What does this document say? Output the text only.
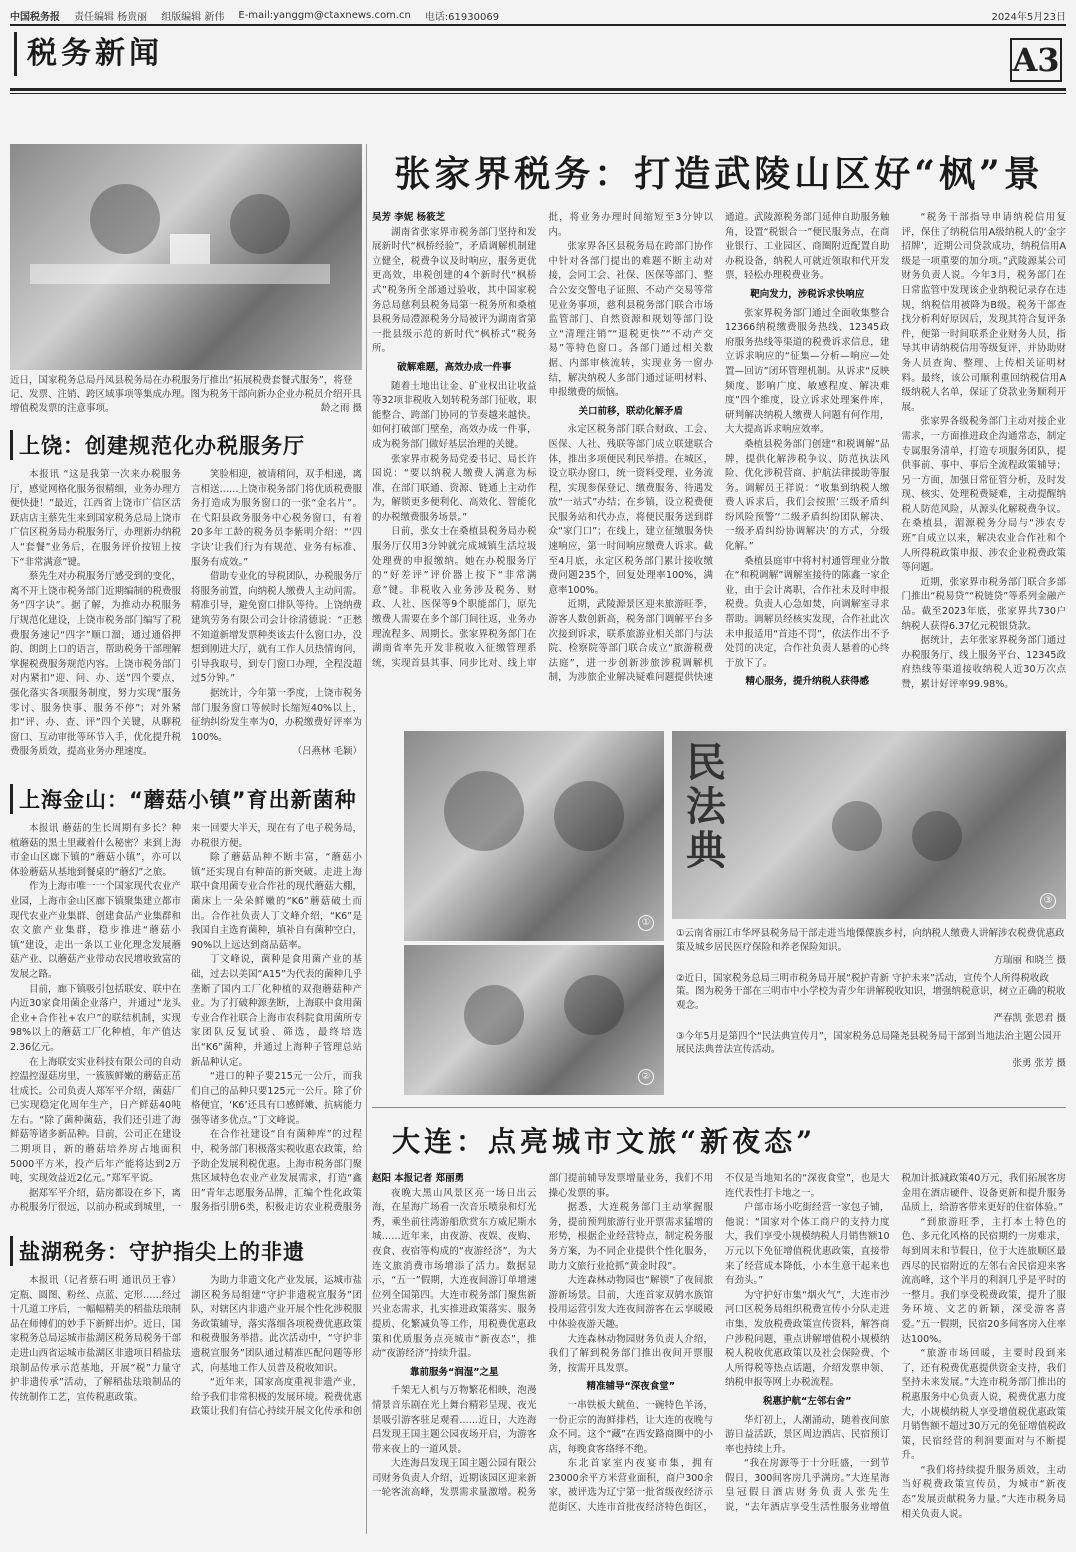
中国税务报 责任编辑 杨贵丽 组版编辑 新伟 E-mail:yanggm@ctaxnews.com.cn 电话:61930069	2024年5月23日
税务新闻	A3
近日，国家税务总局丹凤县税务局在办税服务厅推出“拓展税费套餐式服务”，将登记、发票、注销、跨区域事项等集成办理。图为税务干部向新办企业办税员介绍开具增值税发票的注意事项。	龄之雨 摄
上饶：创建规范化办税服务厅

本报讯 “这是我第一次来办税服务厅，感觉网格化服务很精细，业务办理方便快捷！”最近，江西省上饶市广信区活跃店店主蔡先生来到国家税务总局上饶市广信区税务局办税服务厅，办理新办纳税人“套餐”业务后，在服务评价按钮上按下“非常满意”键。

蔡先生对办税服务厅感受到的变化，离不开上饶市税务部门近期编制的税费服务“四字诀”。据了解，为推动办税服务厅规范化建设，上饶市税务部门编写了税费服务速记“四字”顺口溜，通过通俗押韵、朗朗上口的语言，帮助税务干部理解掌握税费服务规范内容。上饶市税务部门对内紧扣“迎、问、办、送”四个要点，强化落实各项服务制度，努力实现“服务零讨、服务快事、服务不停”；对外紧扣“评、办、查、评”四个关键，从聊税窗口、互动审批等环节入手，优化提升税费服务质效，提高业务办理速度。

笑脸相迎，被请稍问，双手相递，离言相送……上饶市税务部门将优质税费服务打造成为服务窗口的一张“金名片”。在弋阳县政务服务中心税务窗口，有着20多年工龄的税务员李紫明介绍：“‘四字诀’让我们行为有规范、业务有标准、服务有成效。”

借助专业化的导税团队，办税服务厅将服务前置，向纳税人缴费人主动问需。精准引导，避免窗口排队等待。上饶纳费建筑劳务有限公司会计徐清德说：“正愁不知道新增发票种类该去什么窗口办，没想到刚进大厅，就有工作人员热情询问，引导我取号，到专门窗口办理，全程没超过5分钟。”

据统计，今年第一季度，上饶市税务部门服务窗口等候时长缩短40%以上，征纳纠纷发生率为0，办税缴费好评率为100%。

（吕燕林 毛颖）

上海金山：“蘑菇小镇”育出新菌种

本报讯 蘑菇的生长周期有多长？种植蘑菇的黑土里藏着什么秘密？来到上海市金山区廊下镇的“蘑菇小镇”，亦可以体验蘑菇从基地到餐桌的“蘑幻”之旅。

作为上海市唯一一个国家现代农业产业园，上海市金山区廊下镇聚集建立都市现代农业产业集群、创建食品产业集群和农文旅产业集群，稳步推进“蘑菇小镇”建设，走出一条以工业化理念发展蘑菇产业、以蘑菇产业带动农民增收致富的发展之路。

目前，廊下镇吸引包括联安、联中在内近30家食用菌企业落户，并通过“龙头企业+合作社+农户”的联结机制，实现98%以上的蘑菇工厂化种植，年产值达2.36亿元。

在上海联安实业科技有限公司的自动控温控湿菇房里，一簇簇鲜嫩的蘑菇正茁壮成长。公司负责人郑军平介绍，菌菇厂已实现稳定化周年生产，日产鲜菇40吨左右。“除了菌种菌菇，我们还引进了海鲜菇等诸多新品种。目前，公司正在建设二期项目，新的蘑菇培养房占地面积5000平方米，投产后年产能将达到2万吨，实现效益近2亿元。”郑军平说。

据郑军平介绍，菇房都设在乡下，离办税服务厅很远，以前办税或到城里，一来一回要大半天，现在有了电子税务局，办税很方便。

除了蘑菇品种不断丰富，“蘑菇小镇”还实现自有种苗的新突破。走进上海联中食用菌专业合作社的现代蘑菇大棚，菌床上一朵朵鲜嫩的“K6”蘑菇破土而出。合作社负责人丁文峰介绍，“K6”是我国自主选育菌种，填补自有菌种空白，90%以上远达到商品菇率。

丁文峰说，菌种是食用菌产业的基础，过去以美国“A15”为代表的菌种几乎垄断了国内工厂化种植的双孢蘑菇种产业。为了打破种源垄断，上海联中食用菌专业合作社联合上海市农科院食用菌所专家团队反复试验、筛选，最终培选出“K6”菌种，并通过上海种子管理总站新品种认定。

“进口的种子要215元一公斤，而我们自己的品种只要125元一公斤。除了价格便宜，‘K6’还具有口感鲜嫩、抗病能力强等诸多优点。”丁文峰说。

在合作社建设“自有菌种库”的过程中，税务部门积极落实税收惠农政策，给予助企发展利税优惠。上海市税务部门聚焦区域特色农业产业发展需求，打造“鑫田”青年志愿服务品牌，汇编个性化政策服务指引册6类，积极走访农业税费服务

盐湖税务：守护指尖上的非遗

本报讯（记者蔡石明 通讯员王睿）定瓶、圆图、粉丝、点蓝、定形……经过十几道工序后，一幅幅精美的稻盐珐琅制品在师傅们的妙手下新鲜出炉。近日，国家税务总局运城市盐湖区税务局税务干部走进山西省运城市盐湖区非遗项目稻盐珐琅制品传承示范基地，开展“税”力量守护非遗传承”活动，了解稻盐珐琅制品的传统制作工艺，宣传税惠政策。

为助力非遗文化产业发展，运城市盐湖区税务局组建“守护非遗税宣服务”团队，对辖区内非遗产业开展个性化涉税服务政策辅导，落实落细各项税费优惠政策和税费服务举措。此次活动中，“守护非遗税宣服务”团队通过精准匹配问题等形式，向基地工作人员普及税收知识。

“近年来，国家高度重视非遗产业，给予我们非常积极的发展环境。税费优惠政策让我们有信心持续开展文化传承和创

张家界税务：打造武陵山区好“枫”景

吴芳 李妮 杨筱芝

湖南省张家界市税务部门坚持和发展新时代“枫桥经验”，矛盾调解机制建立健全，税费争议及时响应，服务更优更高效，串税创建的4个新时代“枫桥式”税务所全部通过验收，其中国家税务总局慈利县税务局第一税务所和桑植县税务局澧源税务分局被评为湖南省第一批县级示范的新时代“枫桥式”税务所。

破解难题，高效办成一件事

随着土地出让金、矿业权出让收益等32项非税收入划转税务部门征收，职能整合、跨部门协同的节奏越来越快。如何打破部门壁垒，高效办成一件事，成为税务部门做好基层治理的关键。

张家界市税务局党委书记、局长许国说：“要以纳税人缴费人满意为标准，在部门联通、资源、链通上主动作为，解锁更多便利化、高效化、智能化的办税缴费服务场景。”

日前，张女士在桑植县税务局办税服务厅仅用3分钟就完成城镇生活垃圾处理费的申报缴纳。她在办税服务厅的“好差评”评价器上按下“非常满意”键。非税收入业务涉及税务、财政、人社、医保等9个职能部门，原先缴费人需要在多个部门间往返，业务办理流程多、周期长。张家界税务部门在湖南省率先开发非税收入征缴管理系统，实现首县其事、同步比对、线上审批，将业务办理时间缩短至3分钟以内。

张家界各区县税务局在跨部门协作中针对各部门提出的难题不断主动对接，会同工会、社保、医保等部门、整合公安交警电子证照、不动产交易等常见业务事项，慈利县税务部门联合市场监管部门、自然资源和规划等部门设立“清理注销”“退税更快”“不动产交易”等特色窗口。各部门通过相关数据、内部审核流转，实现业务一窗办结，解决纳税人多部门通过证明材料、申报缴费的烦恼。

关口前移，联动化解矛盾

永定区税务部门联合财政、工会、医保、人社、残联等部门成立联建联合体，推出多项便民利民举措。在城区，设立联办窗口，统一资料受理、业务流程，实现参保登记、缴费服务、待遇发放“一站式”办结；在乡镇，设立税费便民服务站和代办点，将便民服务送到群众“家门口”；在线上，建立征缴服务快速响应，第一时间响应缴费人诉求。截至4月底，永定区税务部门累计接收缴费问题235个，回复处理率100%，满意率100%。

近期，武陵源景区迎来旅游旺季，游客人数创新高，税务部门调解平台多次接到诉求，联系旅游业相关部门与法院、检察院等部门联合成立“旅游税费法庭”，进一步创新涉旅涉税调解机制，为涉旅企业解决疑难问题提供快速通道。武陵源税务部门延伸自助服务触角，设置“税银合一”便民服务点，在商业银行、工业园区、商圈附近配置自助办税设备，纳税人可就近领取和代开发票，轻松办理税费业务。

靶向发力，涉税诉求快响应

张家界税务部门通过全面收集整合12366纳税缴费服务热线、12345政府服务热线等渠道的税费诉求信息，建立诉求响应的“征集—分析—响应—处置—回访”闭环管理机制。从诉求“反映频度、影响广度、敏感程度、解决难度”四个维度，设立诉求处理案件库，研判解决纳税人缴费人问题有何作用，大大提高诉求响应效率。

桑植县税务部门创建“和税调解”品牌，提供化解涉税争议、防范执法风险、优化涉税营商、护航法律援助等服务。调解员王祥说：“收集到纳税人缴费人诉求后，我们会按照‘三级矛盾纠纷风险预警’‘二级矛盾纠纷团队解决、一级矛盾纠纷协调解决’的方式，分级化解。”

桑植县庭审中将村村通管理业分散在“和税调解”调解室接待的陈鑫一家企业，由于会计离职，合作社未及时申报税费。负责人心急如焚，向调解室寻求帮助。调解员经核实发现，合作社此次未申报适用“首违不罚”，依法作出不予处罚的决定，合作社负责人悬着的心终于放下了。

精心服务，提升纳税人获得感

“税务干部指导申请纳税信用复评，保住了纳税信用A级纳税人的‘金字招牌’，近期公司贷款成功，纳税信用A级是一项重要的加分项。”武陵源某公司财务负责人说。今年3月，税务部门在日常监管中发现该企业纳税记录存在违规，纳税信用被降为B级。税务干部查找分析利好原因后，发现其符合复评条件，便第一时间联系企业财务人员，指导其申请纳税信用等级复评，并协助财务人员查询、整理、上传相关证明材料。最终，该公司顺利重回纳税信用A级纳税人名单，保证了贷款业务顺利开展。

张家界各级税务部门主动对接企业需求，一方面推进政企沟通常态，制定专属服务清单，打造专项服务团队，提供事前、事中、事后全流程政策辅导；另一方面，加强日常征管分析，及时发现、核实、处理税费疑难，主动提醒纳税人防范风险，从源头化解税费争议。在桑植县，湄源税务分局与“涉农专班”自成立以来，解决农业合作社和个人所得税政策申报、涉农企业税费政策等问题。

近期，张家界市税务部门联合多部门推出“税易贷”“税链贷”等系列金融产品。截至2023年底，张家界共730户纳税人获得6.37亿元税银贷款。

据统计，去年张家界税务部门通过办税服务厅、线上服务平台、12345政府热线等渠道接收纳税人近30万次点赞，累计好评率99.98%。

①
②
民法典
③

①云南省丽江市华坪县税务局干部走进当地傈僳族乡村，向纳税人缴费人讲解涉农税费优惠政策及城乡居民医疗保险和养老保险知识。
方瑞丽 和晓兰 摄

②近日，国家税务总局三明市税务局开展“税护青新 守护未来”活动，宣传个人所得税收政策。图为税务干部在三明市中小学校为青少年讲解税收知识，增强纳税意识，树立正确的税收观念。
严春凯 张恩君 摄

③今年5月是第四个“民法典宣传月”，国家税务总局隆尧县税务局干部到当地法治主题公园开展民法典普法宣传活动。
张勇 张芳 摄

大连：点亮城市文旅“新夜态”

赵阳 本报记者 郑丽勇

夜晚大黑山风景区亮一场日出云海，在星海广场看一次音乐喷泉和灯光秀，乘坐前往湾游船欣赏东方威尼斯水城……近年来，由夜游、夜娱、夜购、夜食、夜宿等构成的“夜游经济”，为大连文旅消费市场增添了活力。数据显示，“五一”假期，大连夜间游订单增速位列全国第四。大连市税务部门聚焦新兴业态需求，扎实推进政策落实、服务提质、化繁减负等工作，用税费优惠政策和优质服务点亮城市“新夜态”，推动“夜游经济”持续升温。

靠前服务“润湿”之星

千架无人机与万物繁花相映，泡漫情景音乐剧在光上舞台精彩呈现、夜光景吸引游客驻足观看……近日，大连海昌发现王国主题公园夜场开启，为游客带来夜上的一道风景。

大连海昌发现王国主题公园有限公司财务负责人介绍，近期该园区迎来新一轮客流高峰，发票需求量激增。税务部门提前辅导发票增量业务，我们不用操心发票的事。

据悉，大连税务部门主动掌握服务，提前预判旅游行业开票需求猛增的形势，根据企业经营特点，制定税务服务方案，为不同企业提供个性化服务，助力文旅行业抢抓“黄金时段”。

大连森林动物园也“解锁”了夜间旅游新场景。目前，大连首家双鸫水族馆投用运营引发大连夜间游客在云享暖殿中体验夜游天趣。

大连森林动物园财务负责人介绍，我们了解到税务部门推出夜间开票服务，按需开具发票。

精准辅导“深夜食堂”

一串铁板大鱿鱼、一碗特色羊汤，一份正宗的海鲜排档，让大连的夜晚与众不同。这个“藏”在西安路商圈中的小店，每晚食客络绎不绝。

东北首家室内夜宴市集，拥有23000余平方米营业面积，商户300余家，被评选为辽宁第一批省级夜经济示范街区、大连市首批夜经济特色街区，不仅是当地知名的“深夜食堂”，也是大连代表性打卡地之一。

户部市场小吃街经营一家包子铺，他说：“国家对个体工商户的支持力度大，我们享受小规模纳税人月销售额10万元以下免征增值税优惠政策，直接带来了经营成本降低，小本生意干起来也有劲头。”

为守护好市集“烟火气”，大连市沙河口区税务局组织税费宣传小分队走进市集，发放税费政策宣传资料，解答商户涉税问题，重点讲解增值税小规模纳税人税收优惠政策以及社会保险费、个人所得税等热点话题，介绍发票申领、纳税申报等网上办税流程。

税惠护航“左邻右舍”

华灯初上，人潮涌动，随着夜间旅游日益活跃，景区周边酒店、民宿预订率也持续上升。

“我在房源等于十分旺盛，一到节假日，300间客房几乎满房。”大连星海皇冠假日酒店财务负责人张先生说，“去年酒店享受生活性服务业增值税加计抵减政策40万元，我们拓展客房金用在酒店硬件、设备更新和提升服务品质上，给游客带来更好的住宿体验。”

“到旅游旺季，主打本土特色的色、多元化风格的民宿期约一房难求，每到周末和节假日，位于大连旅顺区最西尽的民宿附近的左邻右舍民宿迎来客流高峰，这个半月的利润几乎是平时的一整月。我们享受税费政策，提升了服务环境、文艺的新颖，深受游客喜爱。”五一假期，民宿20多间客房入住率达100%。

“旅游市场回暖，主要时段到来了，还有税费优惠提供资金支持，我们坚持未来发展。”大连市税务部门推出的税惠服务中心负责人说，税费优惠力度大，小规模纳税人享受增值税优惠政策月销售额不超过30万元的免征增值税政策，民宿经营的利润要面对与不断提升。

“我们将持续提升服务质效，主动当好税费政策宣传员，为城市“新夜态”发展贡献税务力量。”大连市税务局相关负责人说。
